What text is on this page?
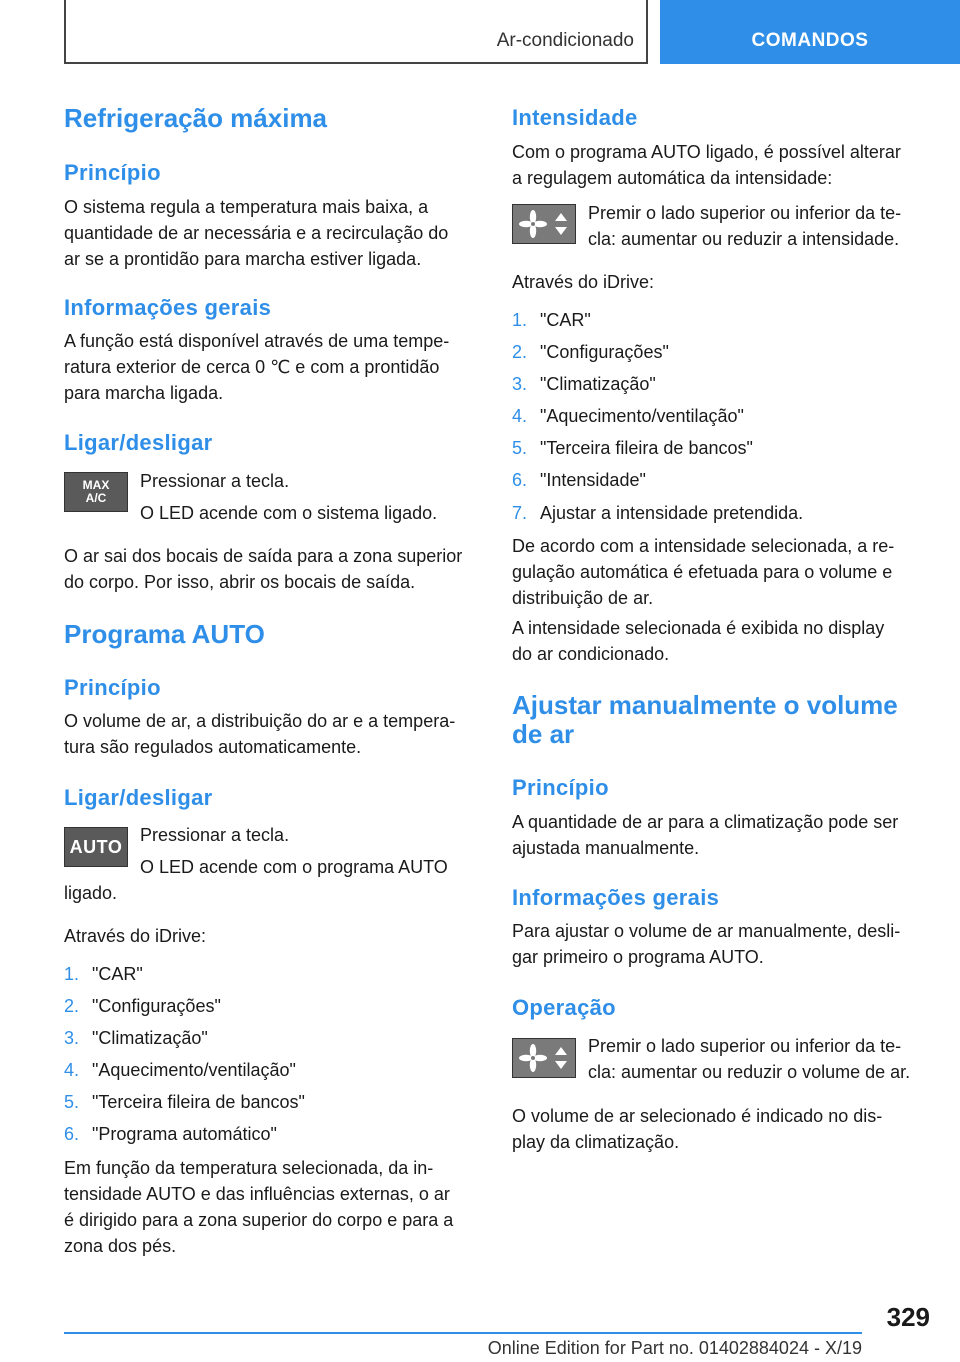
Ar-condicionado	COMANDOS
Refrigeração máxima
Princípio
O sistema regula a temperatura mais baixa, a
quantidade de ar necessária e a recirculação do
ar se a prontidão para marcha estiver ligada.
Informações gerais
A função está disponível através de uma tempe-
ratura exterior de cerca 0 ℃ e com a prontidão
para marcha ligada.
Ligar/desligar
MAX
A/C
Pressionar a tecla.
O LED acende com o sistema ligado.
O ar sai dos bocais de saída para a zona superior
do corpo. Por isso, abrir os bocais de saída.
Programa AUTO
Princípio
O volume de ar, a distribuição do ar e a tempera-
tura são regulados automaticamente.
Ligar/desligar
AUTO
Pressionar a tecla.
O LED acende com o programa AUTO
ligado.
Através do iDrive:
1. "CAR"
2. "Configurações"
3. "Climatização"
4. "Aquecimento/ventilação"
5. "Terceira fileira de bancos"
6. "Programa automático"
Em função da temperatura selecionada, da in-
tensidade AUTO e das influências externas, o ar
é dirigido para a zona superior do corpo e para a
zona dos pés.
Intensidade
Com o programa AUTO ligado, é possível alterar
a regulagem automática da intensidade:
Premir o lado superior ou inferior da te-
cla: aumentar ou reduzir a intensidade.
Através do iDrive:
1. "CAR"
2. "Configurações"
3. "Climatização"
4. "Aquecimento/ventilação"
5. "Terceira fileira de bancos"
6. "Intensidade"
7. Ajustar a intensidade pretendida.
De acordo com a intensidade selecionada, a re-
gulação automática é efetuada para o volume e
distribuição de ar.
A intensidade selecionada é exibida no display
do ar condicionado.
Ajustar manualmente o volume
de ar
Princípio
A quantidade de ar para a climatização pode ser
ajustada manualmente.
Informações gerais
Para ajustar o volume de ar manualmente, desli-
gar primeiro o programa AUTO.
Operação
Premir o lado superior ou inferior da te-
cla: aumentar ou reduzir o volume de ar.
O volume de ar selecionado é indicado no dis-
play da climatização.
329
Online Edition for Part no. 01402884024 - X/19
